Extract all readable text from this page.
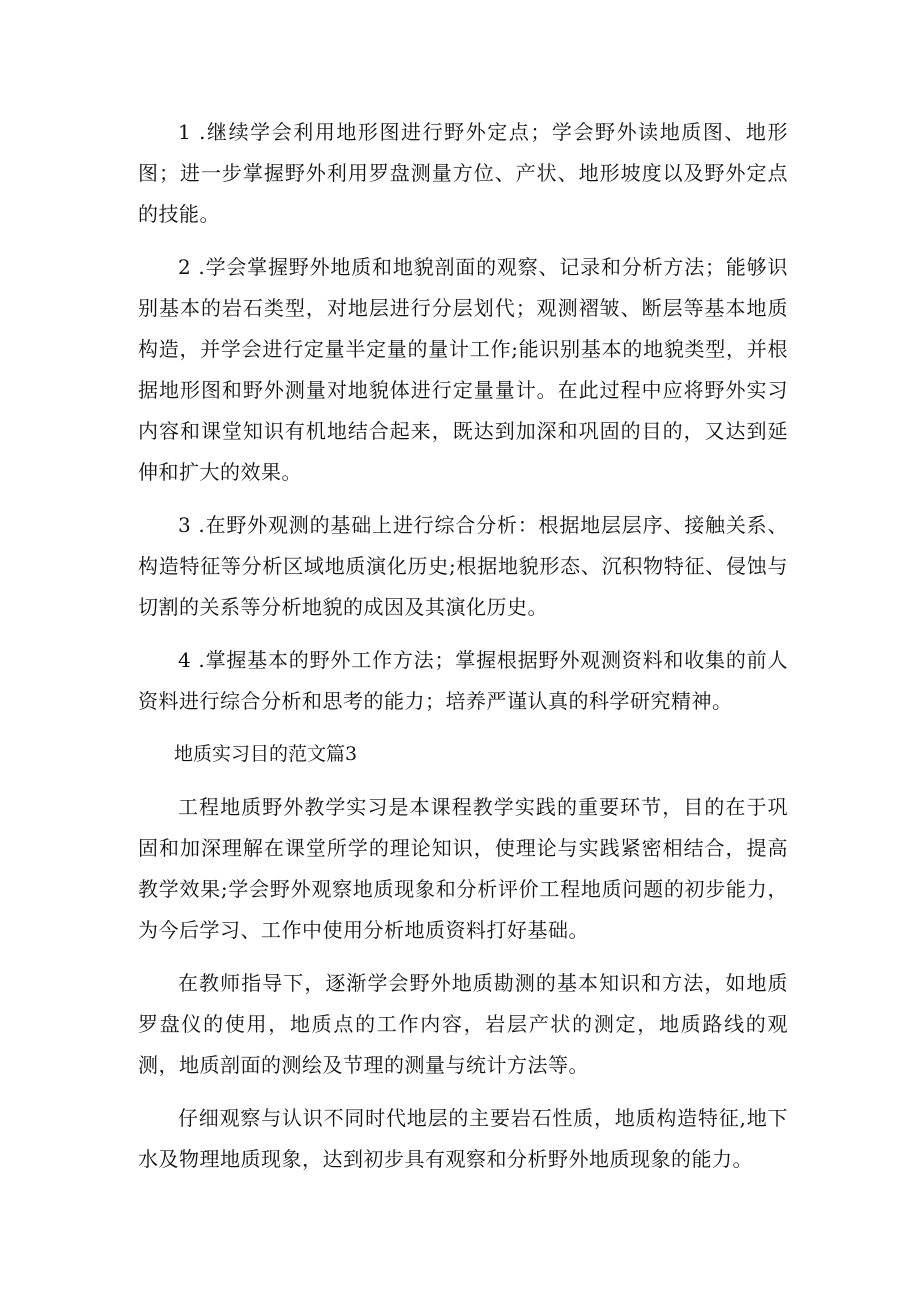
1 .继续学会利用地形图进行野外定点；学会野外读地质图、地形图；进一步掌握野外利用罗盘测量方位、产状、地形坡度以及野外定点的技能。

2 .学会掌握野外地质和地貌剖面的观察、记录和分析方法；能够识别基本的岩石类型，对地层进行分层划代；观测褶皱、断层等基本地质构造，并学会进行定量半定量的量计工作;能识别基本的地貌类型，并根据地形图和野外测量对地貌体进行定量量计。在此过程中应将野外实习内容和课堂知识有机地结合起来，既达到加深和巩固的目的，又达到延伸和扩大的效果。

3 .在野外观测的基础上进行综合分析：根据地层层序、接触关系、构造特征等分析区域地质演化历史;根据地貌形态、沉积物特征、侵蚀与切割的关系等分析地貌的成因及其演化历史。

4 .掌握基本的野外工作方法；掌握根据野外观测资料和收集的前人资料进行综合分析和思考的能力；培养严谨认真的科学研究精神。

地质实习目的范文篇3

工程地质野外教学实习是本课程教学实践的重要环节，目的在于巩固和加深理解在课堂所学的理论知识，使理论与实践紧密相结合，提高教学效果;学会野外观察地质现象和分析评价工程地质问题的初步能力，为今后学习、工作中使用分析地质资料打好基础。

在教师指导下，逐渐学会野外地质勘测的基本知识和方法，如地质罗盘仪的使用，地质点的工作内容，岩层产状的测定，地质路线的观测，地质剖面的测绘及节理的测量与统计方法等。

仔细观察与认识不同时代地层的主要岩石性质，地质构造特征,地下水及物理地质现象，达到初步具有观察和分析野外地质现象的能力。
